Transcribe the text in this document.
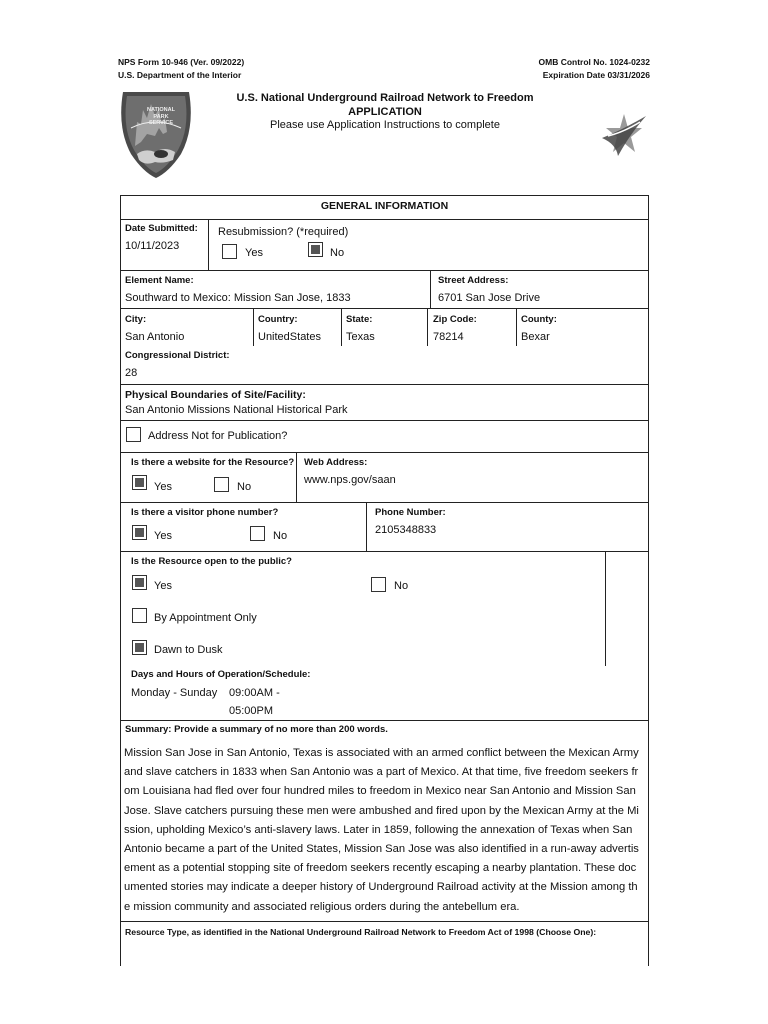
NPS Form 10-946 (Ver. 09/2022)
U.S. Department of the Interior
OMB Control No. 1024-0232
Expiration Date 03/31/2026
NATIONAL
PARK
SERVICE
U.S. National Underground Railroad Network to Freedom
APPLICATION
Please use Application Instructions to complete
GENERAL INFORMATION
Date Submitted:
10/11/2023
Resubmission? (*required)
Yes	No
Element Name:
Southward to Mexico: Mission San Jose, 1833
Street Address:
6701 San Jose Drive
City:
San Antonio
Country:
UnitedStates
State:
Texas
Zip Code:
78214
County:
Bexar
Congressional District:
28
Physical Boundaries of Site/Facility:
San Antonio Missions National Historical Park
Address Not for Publication?
Is there a website for the Resource?
Yes	No
Web Address:
www.nps.gov/saan
Is there a visitor phone number?
Yes	No
Phone Number:
2105348833
Is the Resource open to the public?
Yes	No
By Appointment Only
Dawn to Dusk
Days and Hours of Operation/Schedule:
Monday - Sunday 09:00AM -
05:00PM
Summary: Provide a summary of no more than 200 words.
Mission San Jose in San Antonio, Texas is associated with an armed conflict between the Mexican Army and slave catchers in 1833 when San Antonio was a part of Mexico. At that time, five freedom seekers from Louisiana had fled over four hundred miles to freedom in Mexico near San Antonio and Mission San Jose. Slave catchers pursuing these men were ambushed and fired upon by the Mexican Army at the Mission, upholding Mexico’s anti-slavery laws. Later in 1859, following the annexation of Texas when San Antonio became a part of the United States, Mission San Jose was also identified in a run-away advertisement as a potential stopping site of freedom seekers recently escaping a nearby plantation. These documented stories may indicate a deeper history of Underground Railroad activity at the Mission among the mission community and associated religious orders during the antebellum era.
Resource Type, as identified in the National Underground Railroad Network to Freedom Act of 1998 (Choose One):
